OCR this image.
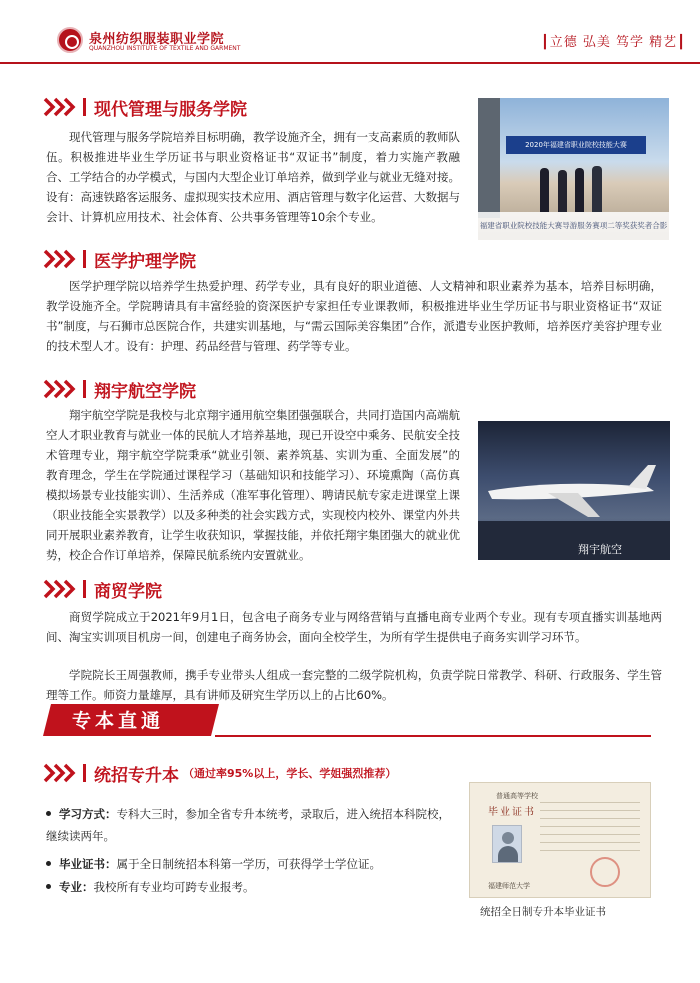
泉州纺织服装职业学院
QUANZHOU INSTITUTE OF TEXTILE AND GARMENT	┃立德 弘美 笃学 精艺┃
现代管理与服务学院
现代管理与服务学院培养目标明确，教学设施齐全，拥有一支高素质的教师队伍。积极推进毕业生学历证书与职业资格证书“双证书”制度，着力实施产教融合、工学结合的办学模式，与国内大型企业订单培养，做到学业与就业无缝对接。设有：高速铁路客运服务、虚拟现实技术应用、酒店管理与数字化运营、大数据与会计、计算机应用技术、社会体育、公共事务管理等10余个专业。
2020年福建省职业院校技能大赛
福建省职业院校技能大赛导游服务赛项二等奖获奖者合影
医学护理学院
医学护理学院以培养学生热爱护理、药学专业，具有良好的职业道德、人文精神和职业素养为基本，培养目标明确，教学设施齐全。学院聘请具有丰富经验的资深医护专家担任专业课教师，积极推进毕业生学历证书与职业资格证书“双证书”制度，与石狮市总医院合作，共建实训基地，与“需云国际美容集团”合作，派遣专业医护教师，培养医疗美容护理专业的技术型人才。设有：护理、药品经营与管理、药学等专业。
翔宇航空学院
翔宇航空学院是我校与北京翔宇通用航空集团强强联合，共同打造国内高端航空人才职业教育与就业一体的民航人才培养基地，现已开设空中乘务、民航安全技术管理专业，翔宇航空学院秉承“就业引领、素养筑基、实训为重、全面发展”的教育理念，学生在学院通过课程学习（基础知识和技能学习）、环境熏陶（高仿真模拟场景专业技能实训）、生活养成（准军事化管理）、聘请民航专家走进课堂上课（职业技能全实景教学）以及多种类的社会实践方式，实现校内校外、课堂内外共同开展职业素养教育，让学生收获知识，掌握技能，并依托翔宇集团强大的就业优势，校企合作订单培养，保障民航系统内安置就业。	翔宇航空
商贸学院
商贸学院成立于2021年9月1日，包含电子商务专业与网络营销与直播电商专业两个专业。现有专项直播实训基地两间、淘宝实训项目机房一间，创建电子商务协会，面向全校学生，为所有学生提供电子商务实训学习环节。
学院院长王周强教师，携手专业带头人组成一套完整的二级学院机构，负责学院日常教学、科研、行政服务、学生管理等工作。师资力量雄厚，具有讲师及研究生学历以上的占比60%。
专本直通
统招专升本 （通过率95%以上，学长、学姐强烈推荐）
学习方式：专科大三时，参加全省专升本统考，录取后，进入统招本科院校，继续读两年。
毕业证书：属于全日制统招本科第一学历，可获得学士学位证。
专业：我校所有专业均可跨专业报考。
普通高等学校
毕业证书
福建师范大学
统招全日制专升本毕业证书
